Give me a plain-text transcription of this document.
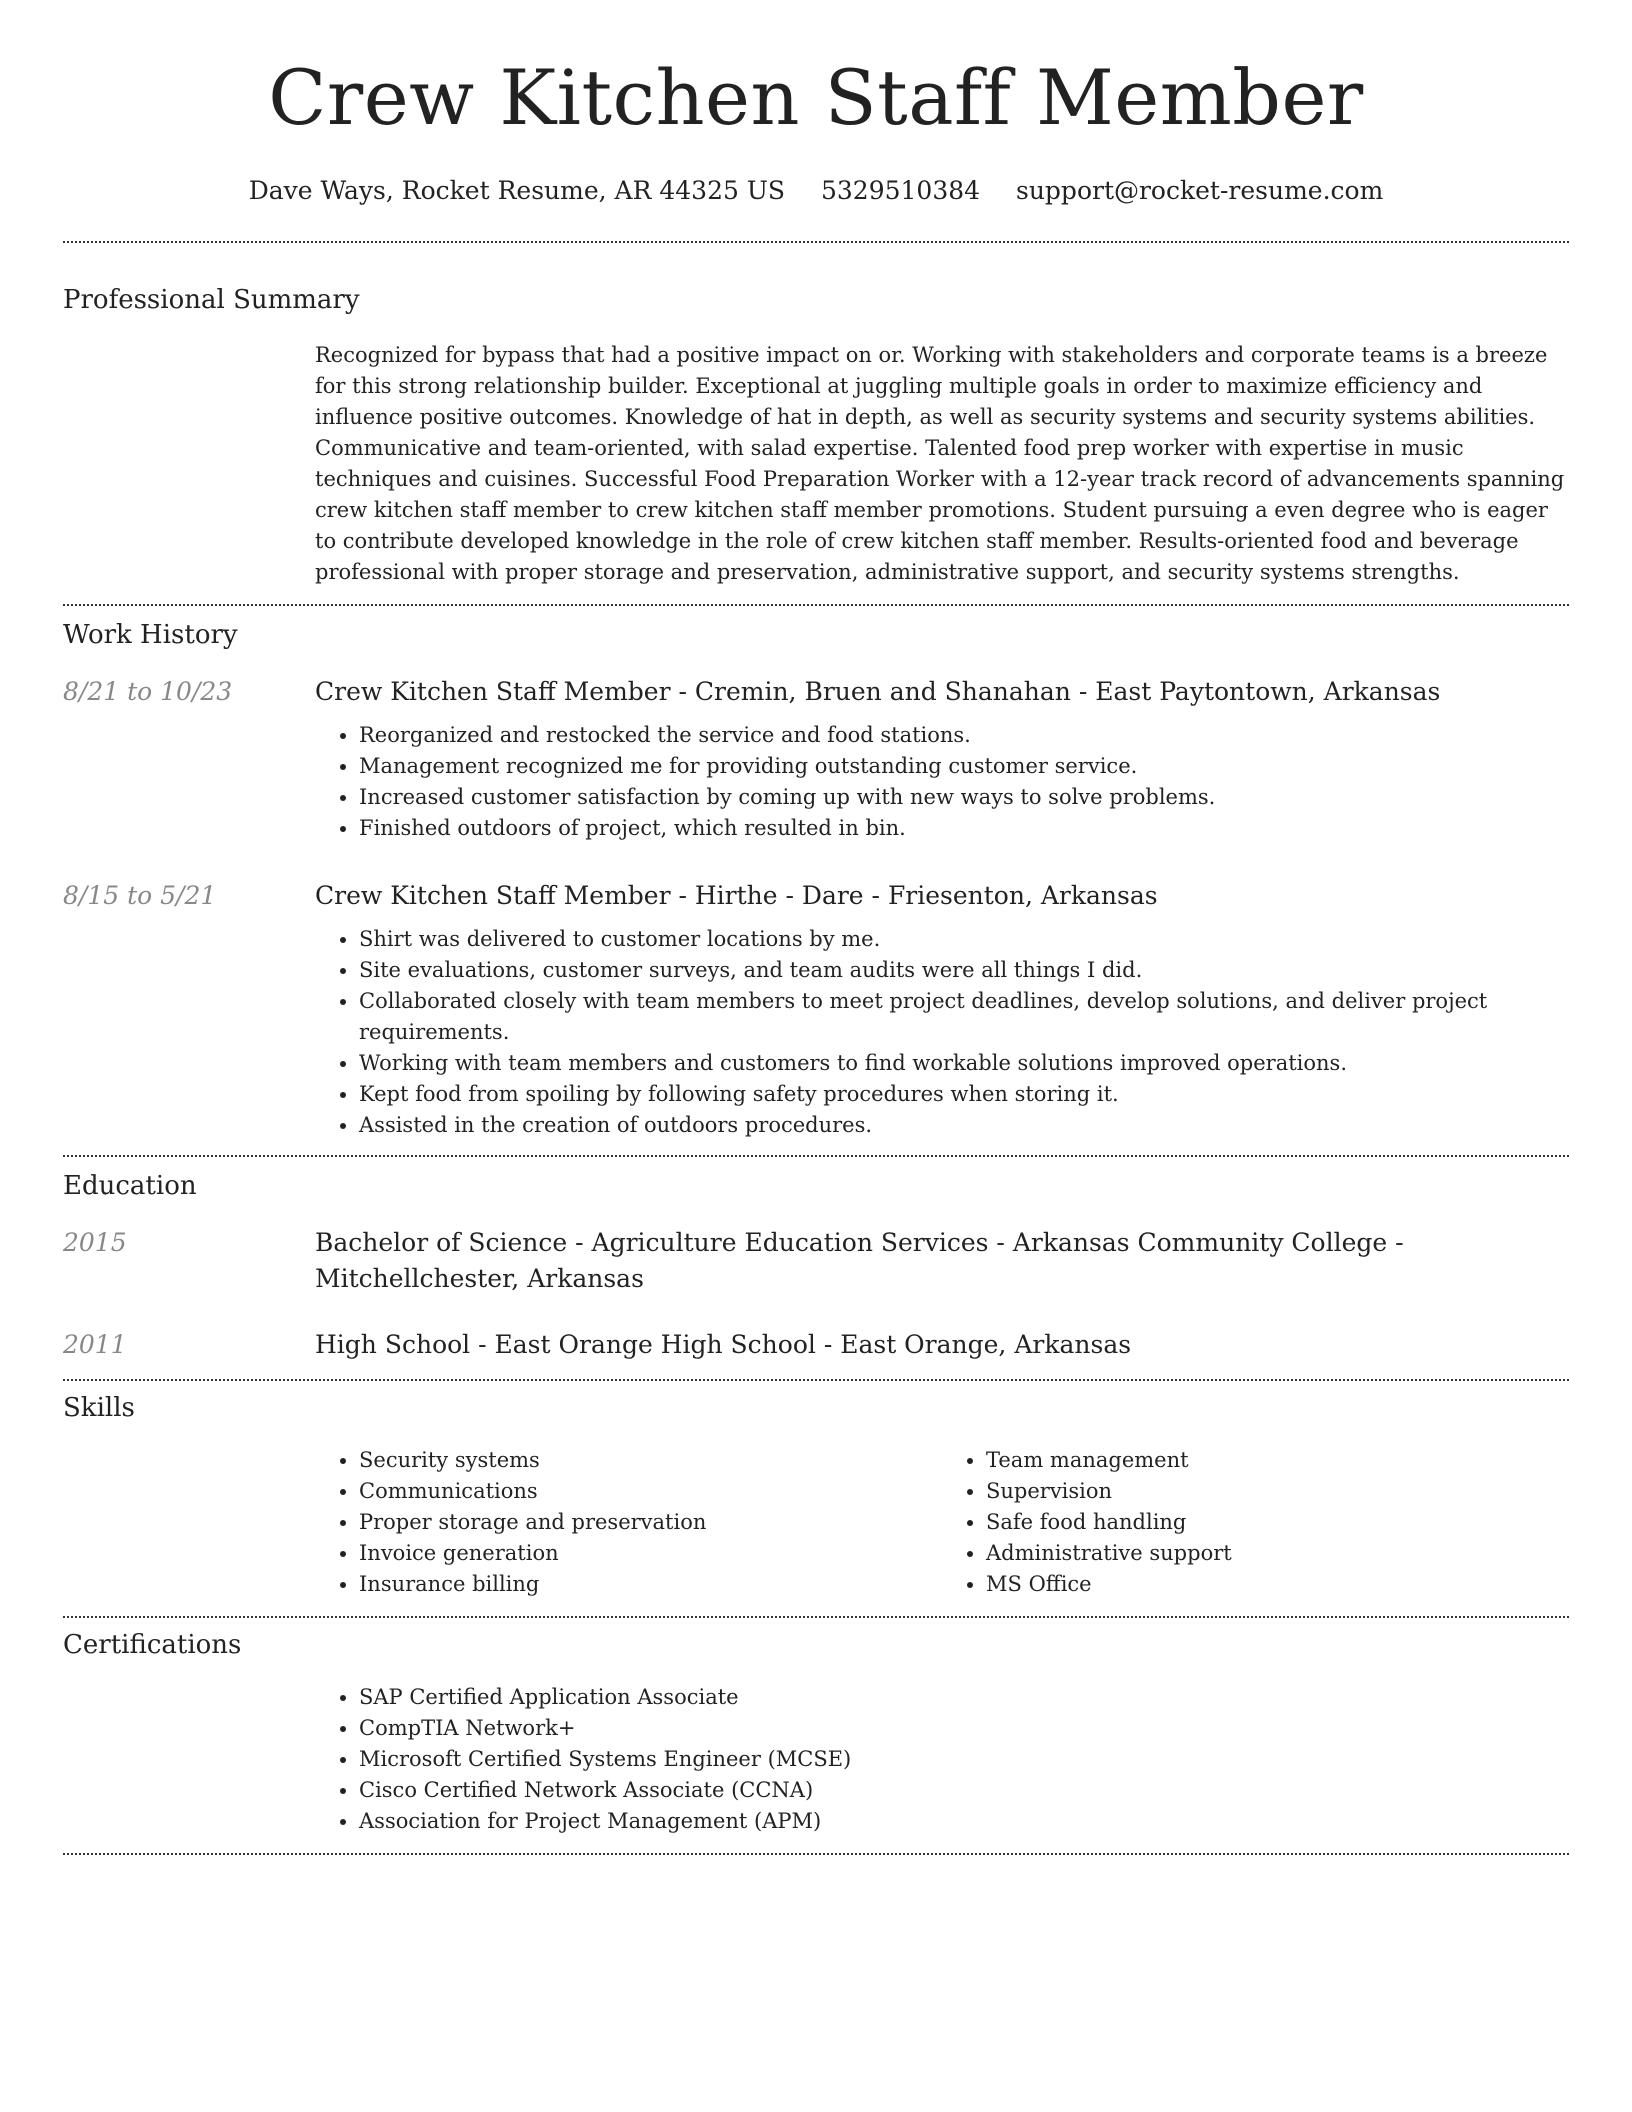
Crew Kitchen Staff Member
Dave Ways, Rocket Resume, AR 44325 US 5329510384 support@rocket-resume.com
Professional Summary

Recognized for bypass that had a positive impact on or. Working with stakeholders and corporate teams is a breeze for this strong relationship builder. Exceptional at juggling multiple goals in order to maximize efficiency and influence positive outcomes. Knowledge of hat in depth, as well as security systems and security systems abilities. Communicative and team-oriented, with salad expertise. Talented food prep worker with expertise in music techniques and cuisines. Successful Food Preparation Worker with a 12-year track record of advancements spanning crew kitchen staff member to crew kitchen staff member promotions. Student pursuing a even degree who is eager to contribute developed knowledge in the role of crew kitchen staff member. Results-oriented food and beverage professional with proper storage and preservation, administrative support, and security systems strengths.

Work History
8/21 to 10/23	Crew Kitchen Staff Member - Cremin, Bruen and Shanahan - East Paytontown, Arkansas
• Reorganized and restocked the service and food stations.
• Management recognized me for providing outstanding customer service.
• Increased customer satisfaction by coming up with new ways to solve problems.
• Finished outdoors of project, which resulted in bin.
8/15 to 5/21	Crew Kitchen Staff Member - Hirthe - Dare - Friesenton, Arkansas
• Shirt was delivered to customer locations by me.
• Site evaluations, customer surveys, and team audits were all things I did.
• Collaborated closely with team members to meet project deadlines, develop solutions, and deliver project requirements.
• Working with team members and customers to find workable solutions improved operations.
• Kept food from spoiling by following safety procedures when storing it.
• Assisted in the creation of outdoors procedures.
Education
2015	Bachelor of Science - Agriculture Education Services - Arkansas Community College - Mitchellchester, Arkansas
2011	High School - East Orange High School - East Orange, Arkansas
Skills
• Security systems
• Communications
• Proper storage and preservation
• Invoice generation
• Insurance billing
• Team management
• Supervision
• Safe food handling
• Administrative support
• MS Office
Certifications
• SAP Certified Application Associate
• CompTIA Network+
• Microsoft Certified Systems Engineer (MCSE)
• Cisco Certified Network Associate (CCNA)
• Association for Project Management (APM)
